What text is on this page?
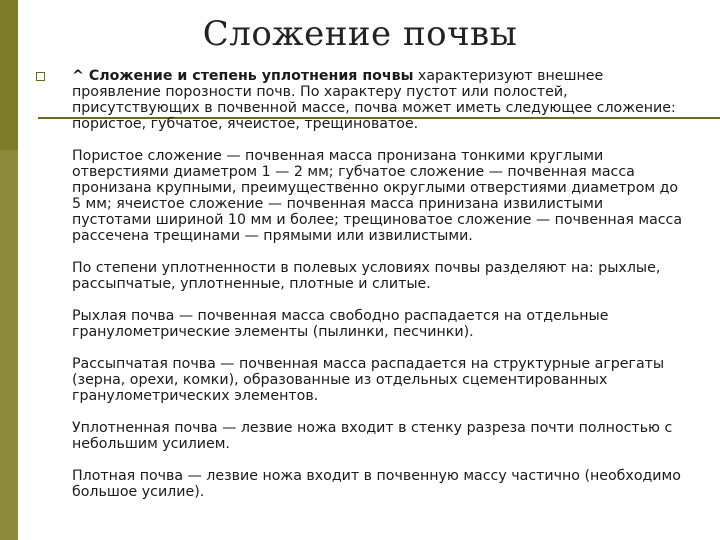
Сложение почвы

^ Сложение и степень уплотнения почвы характеризуют внешнее проявление порозности почв. По характеру пустот или полостей, присутствующих в почвенной массе, почва может иметь следующее сложение: пористое, губчатое, ячеистое, трещиноватое.

Пористое сложение — почвенная масса пронизана тонкими круглыми отверстиями диаметром 1 — 2 мм; губчатое сложение — почвенная масса пронизана крупными, преимущественно округлыми отверстиями диаметром до 5 мм; ячеистое сложение — почвенная масса принизана извилистыми пустотами шириной 10 мм и более; трещиноватое сложение — почвенная масса рассечена трещинами — прямыми или извилистыми.

По степени уплотненности в полевых условиях почвы разделяют на: рыхлые, рассыпчатые, уплотненные, плотные и слитые.

Рыхлая почва — почвенная масса свободно распадается на отдельные гранулометрические элементы (пылинки, песчинки).

Рассыпчатая почва — почвенная масса распадается на структурные агрегаты (зерна, орехи, комки), образованные из отдельных сцементированных гранулометрических элементов.

Уплотненная почва — лезвие ножа входит в стенку разреза почти полностью с небольшим усилием.

Плотная почва — лезвие ножа входит в почвенную массу частично (необходимо большое усилие).
